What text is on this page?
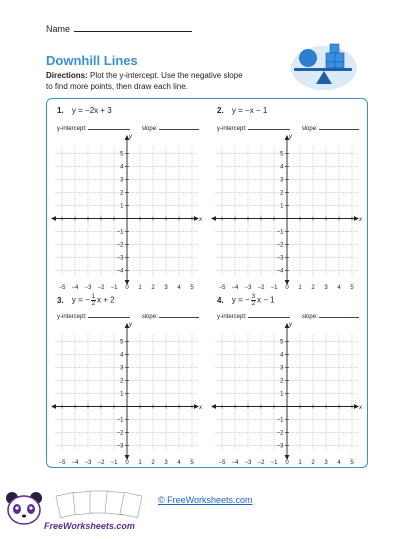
Name
Downhill Lines
Directions: Plot the y-intercept. Use the negative slope
to find more points, then draw each line.
1. y = −2x + 3
y-intercept:	slope:
x
y
5
4
3
2
1
−1
−2
−3
−4
−5 −4 −3 −2 −1 0 1 2 3 4 5
2. y = −x − 1
y-intercept:	slope:
x
y
5
4
3
2
1
−1
−2
−3
−4
−5 −4 −3 −2 −1 0 1 2 3 4 5
3. y = − $\frac{1}{2}$ x + 2
y-intercept:	slope:
x
y
5
4
3
2
1
−1
−2
−3
−5 −4 −3 −2 −1 0 1 2 3 4 5
4. y = − $\frac{3}{2}$ x − 1
y-intercept:	slope:
x
y
5
4
3
2
1
−1
−2
−3
−5 −4 −3 −2 −1 0 1 2 3 4 5
© FreeWorksheets.com
FreeWorksheets.com
